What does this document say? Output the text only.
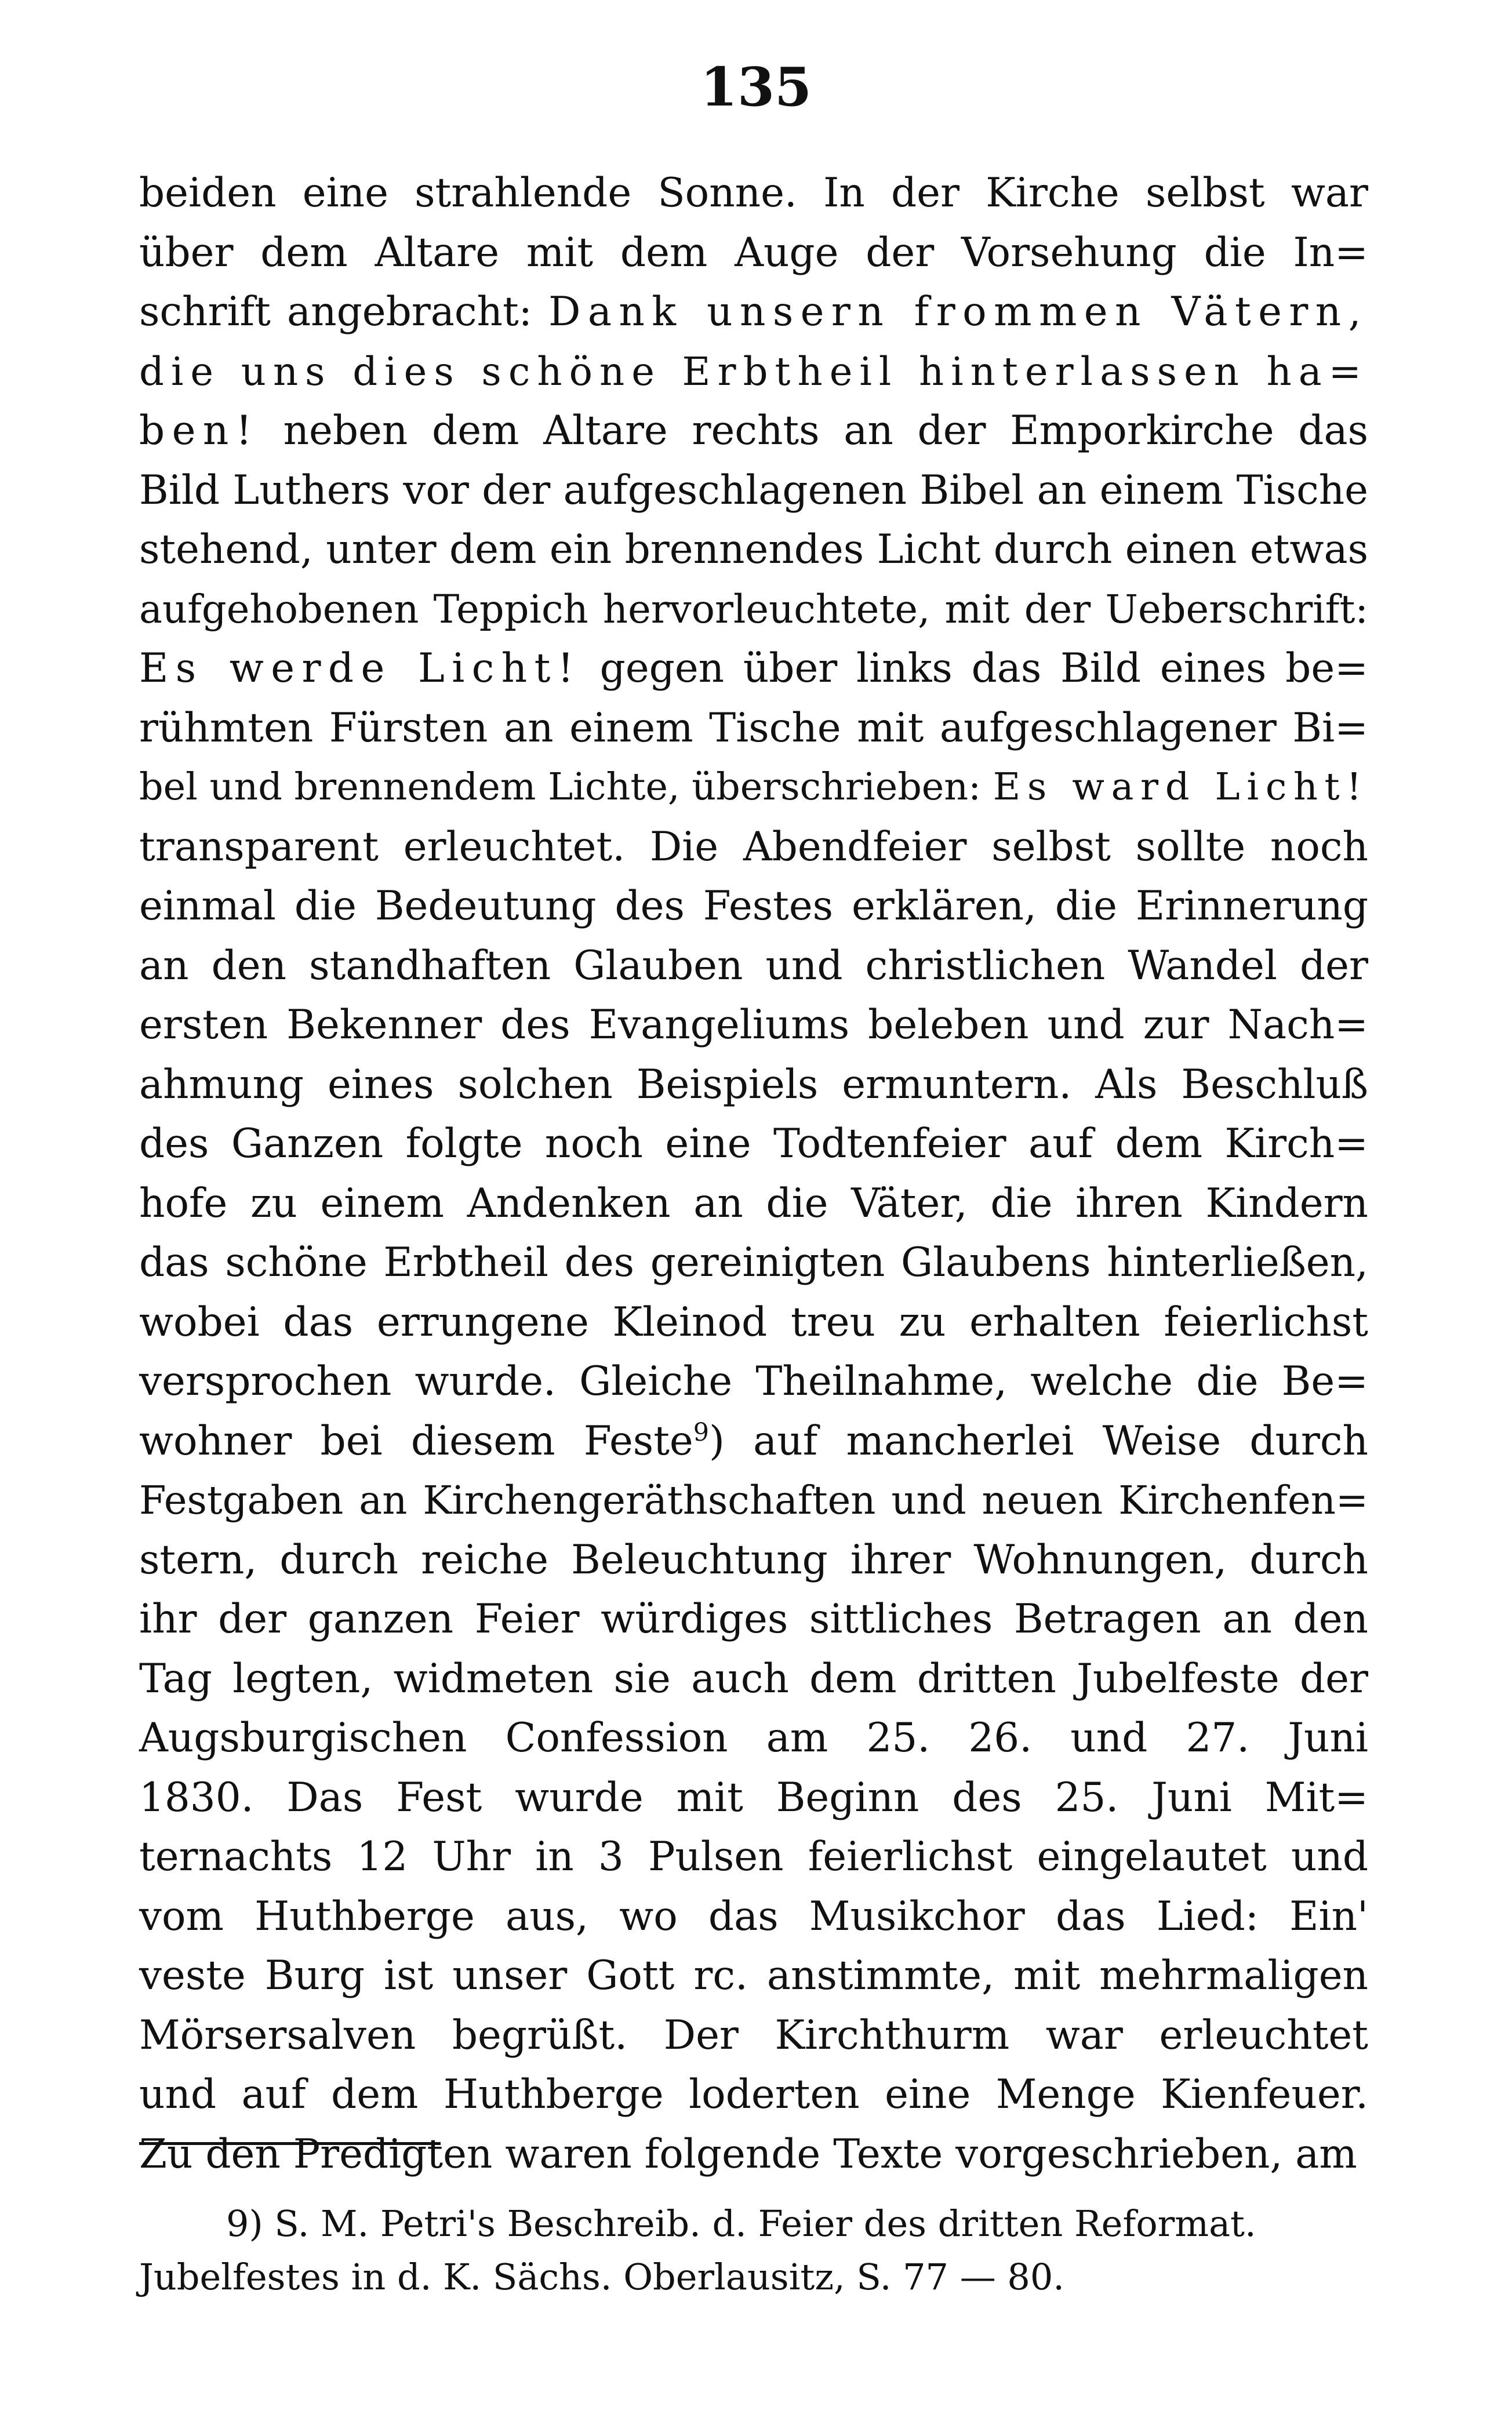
135
beiden eine strahlende Sonne. In der Kirche selbst war
über dem Altare mit dem Auge der Vorsehung die In=
schrift angebracht: Dank unsern frommen Vätern,
die uns dies schöne Erbtheil hinterlassen ha=
ben! neben dem Altare rechts an der Emporkirche das
Bild Luthers vor der aufgeschlagenen Bibel an einem Tische
stehend, unter dem ein brennendes Licht durch einen etwas
aufgehobenen Teppich hervorleuchtete, mit der Ueberschrift:
Es werde Licht! gegen über links das Bild eines be=
rühmten Fürsten an einem Tische mit aufgeschlagener Bi=
bel und brennendem Lichte, überschrieben: Es ward Licht!
transparent erleuchtet. Die Abendfeier selbst sollte noch
einmal die Bedeutung des Festes erklären, die Erinnerung
an den standhaften Glauben und christlichen Wandel der
ersten Bekenner des Evangeliums beleben und zur Nach=
ahmung eines solchen Beispiels ermuntern. Als Beschluß
des Ganzen folgte noch eine Todtenfeier auf dem Kirch=
hofe zu einem Andenken an die Väter, die ihren Kindern
das schöne Erbtheil des gereinigten Glaubens hinterließen,
wobei das errungene Kleinod treu zu erhalten feierlichst
versprochen wurde. Gleiche Theilnahme, welche die Be=
wohner bei diesem Feste$^9$) auf mancherlei Weise durch
Festgaben an Kirchengeräthschaften und neuen Kirchenfen=
stern, durch reiche Beleuchtung ihrer Wohnungen, durch
ihr der ganzen Feier würdiges sittliches Betragen an den
Tag legten, widmeten sie auch dem dritten Jubelfeste der
Augsburgischen Confession am 25. 26. und 27. Juni
1830. Das Fest wurde mit Beginn des 25. Juni Mit=
ternachts 12 Uhr in 3 Pulsen feierlichst eingelautet und
vom Huthberge aus, wo das Musikchor das Lied: Ein'
veste Burg ist unser Gott rc. anstimmte, mit mehrmaligen
Mörsersalven begrüßt. Der Kirchthurm war erleuchtet
und auf dem Huthberge loderten eine Menge Kienfeuer.
Zu den Predigten waren folgende Texte vorgeschrieben, am
9) S. M. Petri's Beschreib. d. Feier des dritten Reformat.
Jubelfestes in d. K. Sächs. Oberlausitz, S. 77 — 80.
